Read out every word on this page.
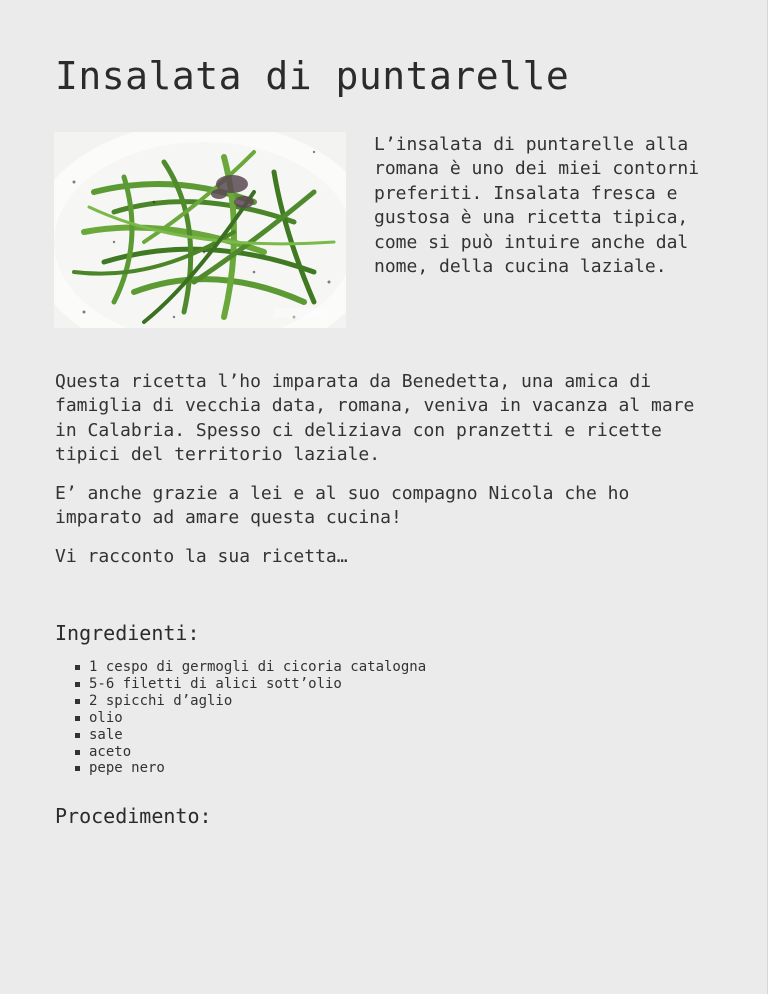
Insalata di puntarelle

L’insalata di puntarelle alla romana è uno dei miei contorni preferiti. Insalata fresca e gustosa è una ricetta tipica, come si può intuire anche dal nome, della cucina laziale.

Questa ricetta l’ho imparata da Benedetta, una amica di famiglia di vecchia data, romana, veniva in vacanza al mare in Calabria. Spesso ci deliziava con pranzetti e ricette tipici del territorio laziale.

E’ anche grazie a lei e al suo compagno Nicola che ho imparato ad amare questa cucina!

Vi racconto la sua ricetta…

Ingredienti:
1 cespo di germogli di cicoria catalogna
5-6 filetti di alici sott’olio
2 spicchi d’aglio
olio
sale
aceto
pepe nero
Procedimento:
